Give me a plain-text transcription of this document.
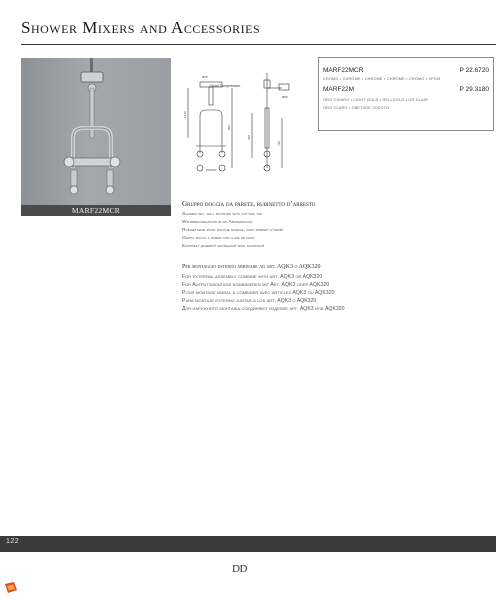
Shower Mixers and Accessories
MARF22MCR
1430
800
460
720
Ø50
Ø75
10mm Compression
MARF22MCR	P 22.6720
CROMO • CHROME • CHROME • CHROME • CROMO • ХРОМ
MARF22M	P 29.3180
ORO CHIARO • LIGHT GOLD • HELLGOLD • OR CLAIR
ORO CLARO • СВЕТЛОЕ ЗОЛОТО

Gruppo doccia da parete, rubinetto d’arresto

Shower set, wall mounted with cut-off tap

Wandbrausegarnitur mit Absperrhahn

Robinetterie pour douche murale, avec robinet d’arrêt

Grupo ducha a pared con llave de paso

Комплект душевой настенный кран запорный

Per montaggio esterno abbinare ad art. AQK3 o AQK320

For external assembly combine with art. AQK3 or AQK320

Für Aufputzmontage kombinieren mit Art. AQK3 oder AQK320

Pour montage mural à combiner avec articles AQK3 ou AQK320

Para montaje externo juntar a los art. AQK3 o AQK320

Для наружного монтажа соединяют изделие арт. AQK3 или AQK320

122
DD
